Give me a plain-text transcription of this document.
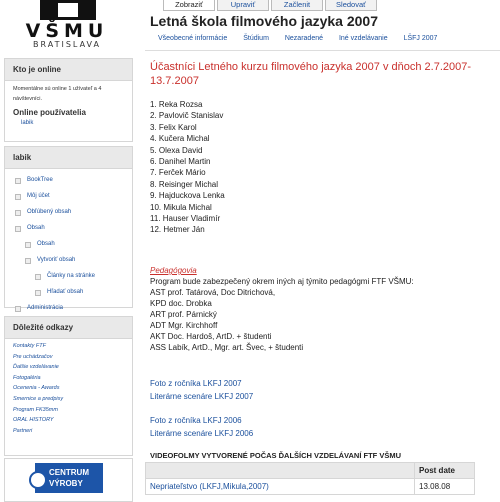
VŠMU
BRATISLAVA
Kto je online
Momentálne sú online 1 užívateľ a 4 návštevníci.
Online používatelia
labik
labik
BookTree
Môj účet
Obľúbený obsah
Obsah
Obsah
Vytvoriť obsah
Články na stránke
Hľadať obsah
Administrácia
Dôležité odkazy
Kontakty FTF
Pre uchádzačov
Ďalšie vzdelávanie
Fotogaléria
Ocenenia - Awards
Smernice a predpisy
Program FK35mm
ORAL HISTORY
Partneri
CENTRUM
VÝROBY
Zobraziť	Upraviť	Začlenit	Sledovať
Letná škola filmového jazyka 2007
Všeobecné informácie Štúdium Nezaradené Iné vzdelávanie LŠFJ 2007
Účastníci Letného kurzu filmového jazyka 2007 v dňoch 2.7.2007-13.7.2007
1. Reka Rozsa
2. Pavlovič Stanislav
3. Felix Karol
4. Kučera Michal
5. Olexa David
6. Danihel Martin
7. Ferček Mário
8. Reisinger Michal
9. Hajduckova Lenka
10. Mikula Michal
11. Hauser Vladimír
12. Hetmer Ján
Pedagógovia
Program bude zabezpečený okrem iných aj týmito pedagógmi FTF VŠMU:
AST prof. Tatárová, Doc Ditrichová,
KPD doc. Drobka
ART prof. Párnický
ADT Mgr. Kirchhoff
AKT Doc. Hardoš, ArtD. + študenti
ASS Labík, ArtD., Mgr. art. Švec, + študenti
Foto z ročníka LKFJ 2007
Literárne scenáre LKFJ 2007
Foto z ročníka LKFJ 2006
Literárne scenáre LKFJ 2006
VIDEOFOLMY VYTVORENÉ POČAS ĎALŠÍCH VZDELÁVANÍ FTF VŠMU
	Post date
Nepriateľstvo (LKFJ,Mikula,2007)	13.08.08
